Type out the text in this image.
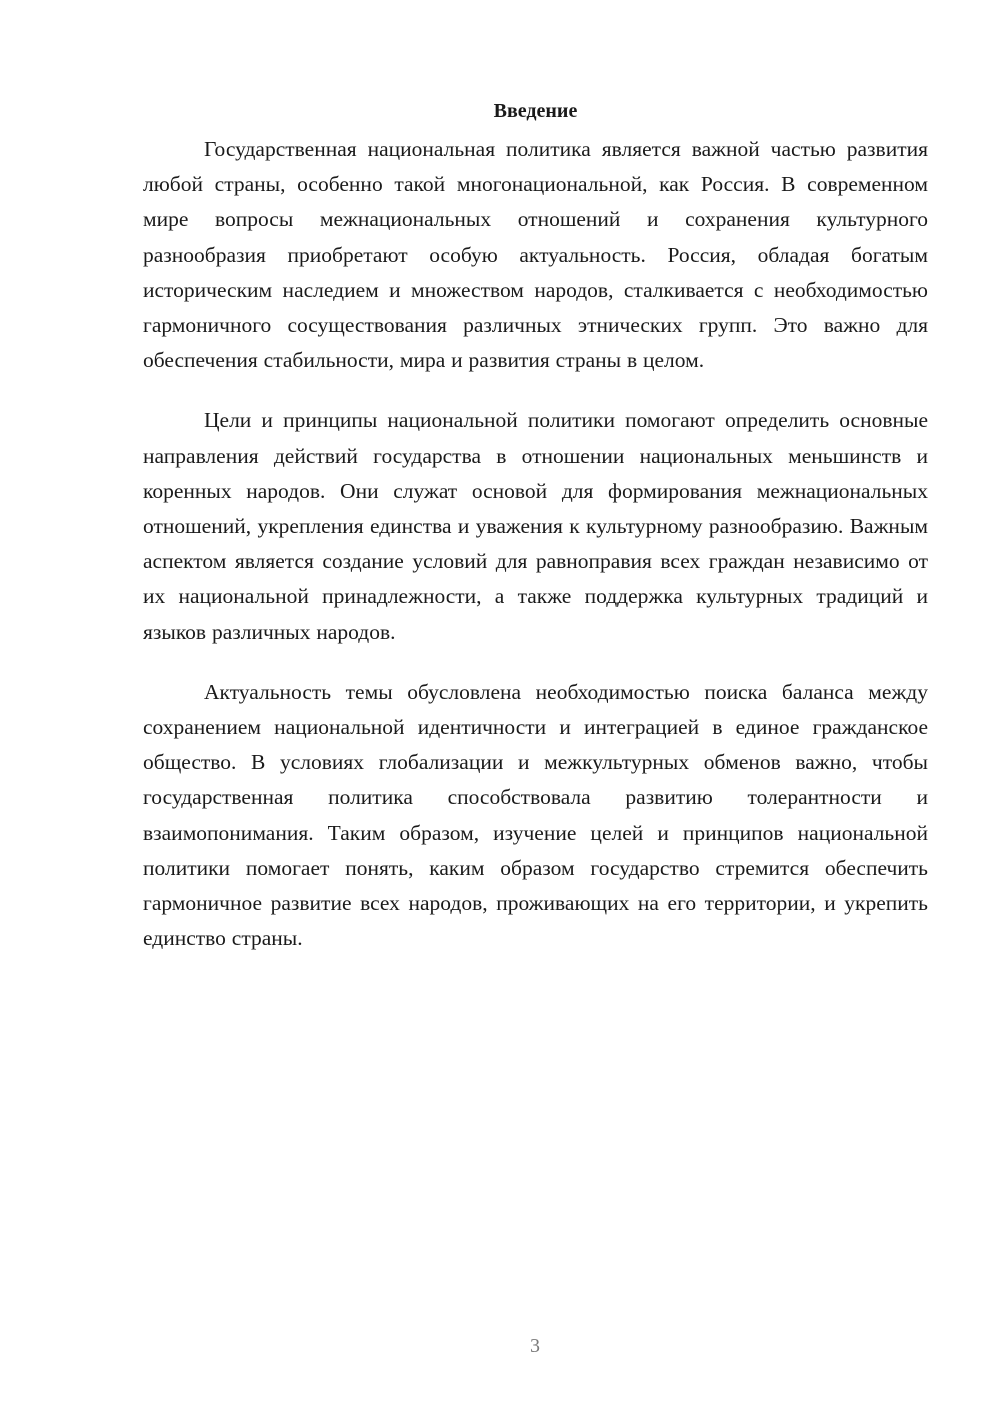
Введение

Государственная национальная политика является важной частью развития любой страны, особенно такой многонациональной, как Россия. В современном мире вопросы межнациональных отношений и сохранения культурного разнообразия приобретают особую актуальность. Россия, обладая богатым историческим наследием и множеством народов, сталкивается с необходимостью гармоничного сосуществования различных этнических групп. Это важно для обеспечения стабильности, мира и развития страны в целом.

Цели и принципы национальной политики помогают определить основные направления действий государства в отношении национальных меньшинств и коренных народов. Они служат основой для формирования межнациональных отношений, укрепления единства и уважения к культурному разнообразию. Важным аспектом является создание условий для равноправия всех граждан независимо от их национальной принадлежности, а также поддержка культурных традиций и языков различных народов.

Актуальность темы обусловлена необходимостью поиска баланса между сохранением национальной идентичности и интеграцией в единое гражданское общество. В условиях глобализации и межкультурных обменов важно, чтобы государственная политика способствовала развитию толерантности и взаимопонимания. Таким образом, изучение целей и принципов национальной политики помогает понять, каким образом государство стремится обеспечить гармоничное развитие всех народов, проживающих на его территории, и укрепить единство страны.

3
